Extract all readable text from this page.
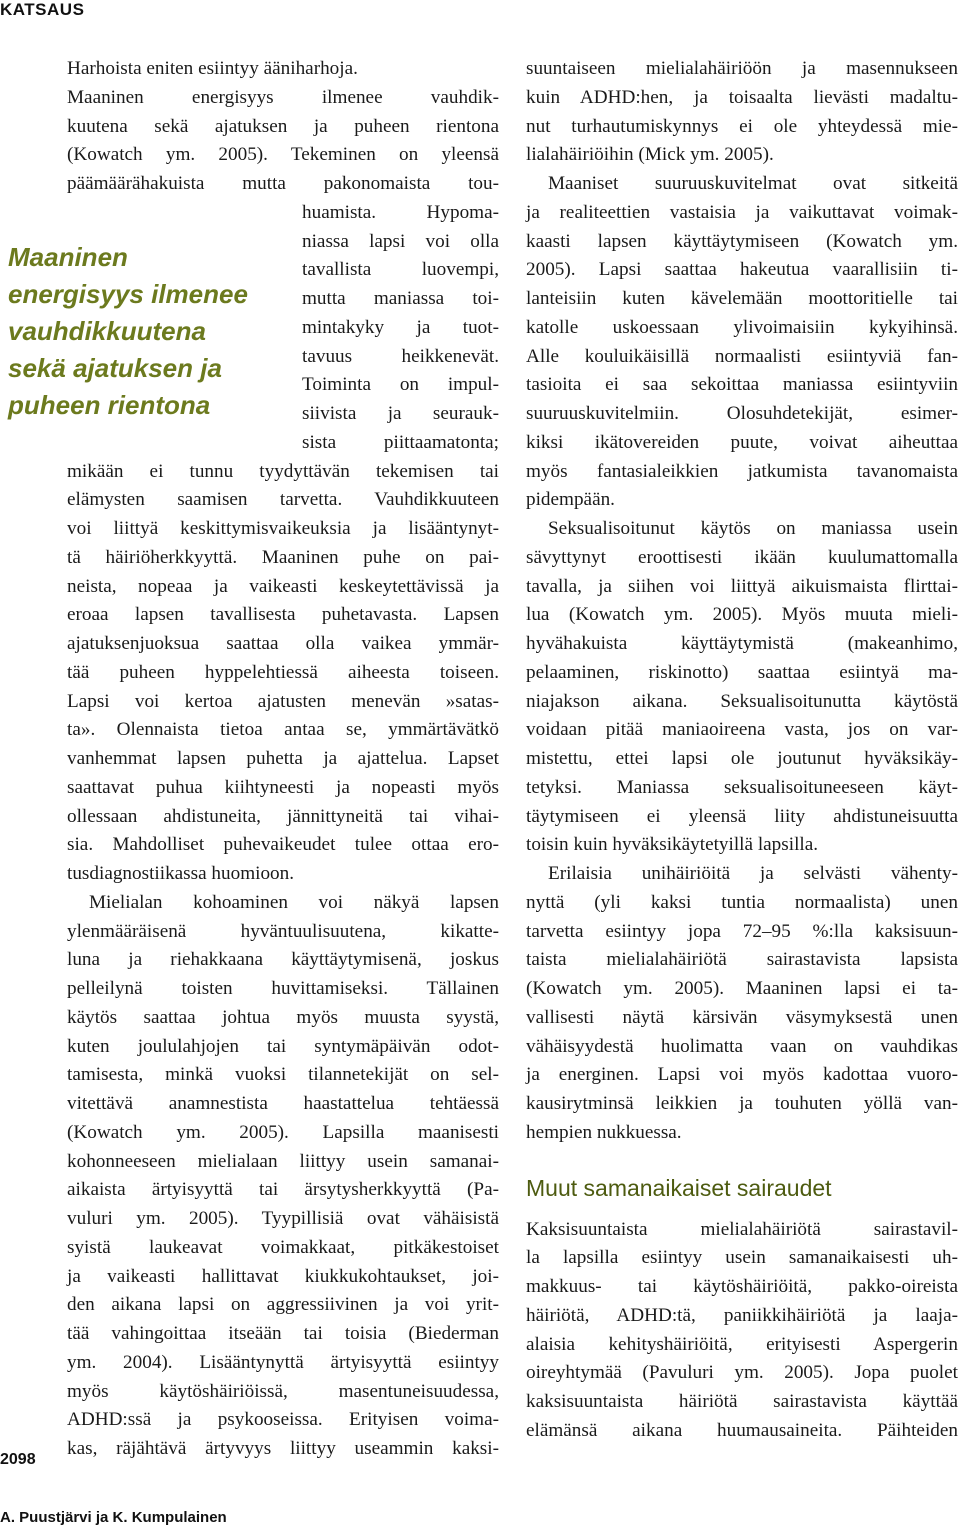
KATSAUS
Maaninen
energisyys ilmenee
vauhdikkuutena
sekä ajatuksen ja
puheen rientona
Harhoista eniten esiintyy ääniharhoja.
Maaninen energisyys ilmenee vauhdik-
kuutena sekä ajatuksen ja puheen rientona
(Kowatch ym. 2005). Tekeminen on yleensä
päämäärähakuista mutta pakonomaista tou-
huamista. Hypoma-
niassa lapsi voi olla
tavallista luovempi,
mutta maniassa toi-
mintakyky ja tuot-
tavuus heikkenevät.
Toiminta on impul-
siivista ja seurauk-
sista piittaamatonta;
mikään ei tunnu tyydyttävän tekemisen tai
elämysten saamisen tarvetta. Vauhdikkuuteen
voi liittyä keskittymisvaikeuksia ja lisääntynyt-
tä häiriöherkkyyttä. Maaninen puhe on pai-
neista, nopeaa ja vaikeasti keskeytettävissä ja
eroaa lapsen tavallisesta puhetavasta. Lapsen
ajatuksenjuoksua saattaa olla vaikea ymmär-
tää puheen hyppelehtiessä aiheesta toiseen.
Lapsi voi kertoa ajatusten menevän »satas-
ta». Olennaista tietoa antaa se, ymmärtävätkö
vanhemmat lapsen puhetta ja ajattelua. Lapset
saattavat puhua kiihtyneesti ja nopeasti myös
ollessaan ahdistuneita, jännittyneitä tai vihai-
sia. Mahdolliset puhevaikeudet tulee ottaa ero-
tusdiagnostiikassa huomioon.
Mielialan kohoaminen voi näkyä lapsen
ylenmääräisenä hyväntuulisuutena, kikatte-
luna ja riehakkaana käyttäytymisenä, joskus
pelleilynä toisten huvittamiseksi. Tällainen
käytös saattaa johtua myös muusta syystä,
kuten joululahjojen tai syntymäpäivän odot-
tamisesta, minkä vuoksi tilannetekijät on sel-
vitettävä anamnestista haastattelua tehtäessä
(Kowatch ym. 2005). Lapsilla maanisesti
kohonneeseen mielialaan liittyy usein samanai-
aikaista ärtyisyyttä tai ärsytysherkkyyttä (Pa-
vuluri ym. 2005). Tyypillisiä ovat vähäisistä
syistä laukeavat voimakkaat, pitkäkestoiset
ja vaikeasti hallittavat kiukkukohtaukset, joi-
den aikana lapsi on aggressiivinen ja voi yrit-
tää vahingoittaa itseään tai toisia (Biederman
ym. 2004). Lisääntynyttä ärtyisyyttä esiintyy
myös käytöshäiriöissä, masentuneisuudessa,
ADHD:ssä ja psykooseissa. Erityisen voima-
kas, räjähtävä ärtyvyys liittyy useammin kaksi-
suuntaiseen mielialahäiriöön ja masennukseen
kuin ADHD:hen, ja toisaalta lievästi madaltu-
nut turhautumiskynnys ei ole yhteydessä mie-
lialahäiriöihin (Mick ym. 2005).
Maaniset suuruuskuvitelmat ovat sitkeitä
ja realiteettien vastaisia ja vaikuttavat voimak-
kaasti lapsen käyttäytymiseen (Kowatch ym.
2005). Lapsi saattaa hakeutua vaarallisiin ti-
lanteisiin kuten kävelemään moottoritielle tai
katolle uskoessaan ylivoimaisiin kykyihinsä.
Alle kouluikäisillä normaalisti esiintyviä fan-
tasioita ei saa sekoittaa maniassa esiintyviin
suuruuskuvitelmiin. Olosuhdetekijät, esimer-
kiksi ikätovereiden puute, voivat aiheuttaa
myös fantasialeikkien jatkumista tavanomaista
pidempään.
Seksualisoitunut käytös on maniassa usein
sävyttynyt eroottisesti ikään kuulumattomalla
tavalla, ja siihen voi liittyä aikuismaista flirttai-
lua (Kowatch ym. 2005). Myös muuta mieli-
hyvähakuista käyttäytymistä (makeanhimo,
pelaaminen, riskinotto) saattaa esiintyä ma-
niajakson aikana. Seksualisoitunutta käytöstä
voidaan pitää maniaoireena vasta, jos on var-
mistettu, ettei lapsi ole joutunut hyväksikäy-
tetyksi. Maniassa seksualisoituneeseen käyt-
täytymiseen ei yleensä liity ahdistuneisuutta
toisin kuin hyväksikäytetyillä lapsilla.
Erilaisia unihäiriöitä ja selvästi vähenty-
nyttä (yli kaksi tuntia normaalista) unen
tarvetta esiintyy jopa 72–95 %:lla kaksisuun-
taista mielialahäiriötä sairastavista lapsista
(Kowatch ym. 2005). Maaninen lapsi ei ta-
vallisesti näytä kärsivän väsymyksestä unen
vähäisyydestä huolimatta vaan on vauhdikas
ja energinen. Lapsi voi myös kadottaa vuoro-
kausirytminsä leikkien ja touhuten yöllä van-
hempien nukkuessa.
Muut samanaikaiset sairaudet
Kaksisuuntaista mielialahäiriötä sairastavil-
la lapsilla esiintyy usein samanaikaisesti uh-
makkuus- tai käytöshäiriöitä, pakko-oireista
häiriötä, ADHD:tä, paniikkihäiriötä ja laaja-
alaisia kehityshäiriöitä, erityisesti Aspergerin
oireyhtymää (Pavuluri ym. 2005). Jopa puolet
kaksisuuntaista häiriötä sairastavista käyttää
elämänsä aikana huumausaineita. Päihteiden
2098
A. Puustjärvi ja K. Kumpulainen
